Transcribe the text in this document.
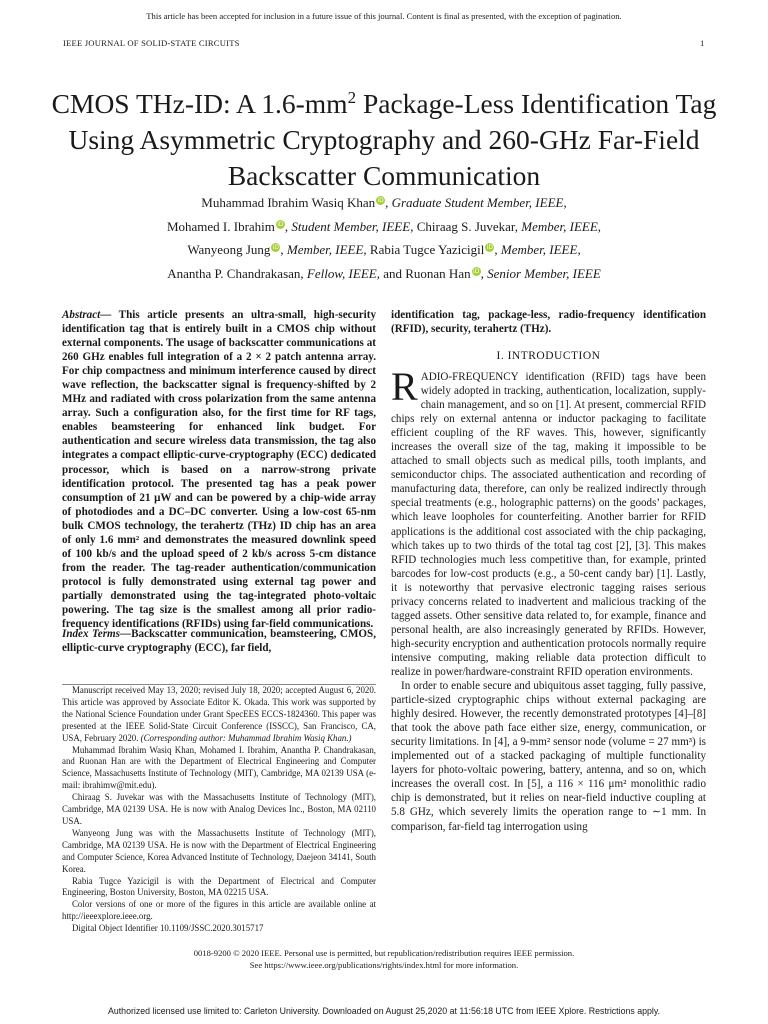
This article has been accepted for inclusion in a future issue of this journal. Content is final as presented, with the exception of pagination.
IEEE JOURNAL OF SOLID-STATE CIRCUITS	1
CMOS THz-ID: A $1.6-mm^2$ Package-Less Identification Tag Using Asymmetric Cryptography and 260-GHz Far-Field Backscatter Communication
Muhammad Ibrahim Wasiq Khan iD, Graduate Student Member, IEEE,
Mohamed I. Ibrahim iD, Student Member, IEEE, Chiraag S. Juvekar, Member, IEEE,
Wanyeong Jung iD, Member, IEEE, Rabia Tugce Yazicigil iD, Member, IEEE,
Anantha P. Chandrakasan, Fellow, IEEE, and Ruonan Han iD, Senior Member, IEEE
Abstract— This article presents an ultra-small, high-security identification tag that is entirely built in a CMOS chip without external components. The usage of backscatter communications at 260 GHz enables full integration of a 2 × 2 patch antenna array. For chip compactness and minimum interference caused by direct wave reflection, the backscatter signal is frequency-shifted by 2 MHz and radiated with cross polarization from the same antenna array. Such a configuration also, for the first time for RF tags, enables beamsteering for enhanced link budget. For authentication and secure wireless data transmission, the tag also integrates a compact elliptic-curve-cryptography (ECC) dedicated processor, which is based on a narrow-strong private identification protocol. The presented tag has a peak power consumption of 21 μW and can be powered by a chip-wide array of photodiodes and a DC–DC converter. Using a low-cost 65-nm bulk CMOS technology, the terahertz (THz) ID chip has an area of only 1.6 mm² and demonstrates the measured downlink speed of 100 kb/s and the upload speed of 2 kb/s across 5-cm distance from the reader. The tag-reader authentication/communication protocol is fully demonstrated using external tag power and partially demonstrated using the tag-integrated photo-voltaic powering. The tag size is the smallest among all prior radio-frequency identifications (RFIDs) using far-field communications.
Index Terms—Backscatter communication, beamsteering, CMOS, elliptic-curve cryptography (ECC), far field,
identification tag, package-less, radio-frequency identification (RFID), security, terahertz (THz).
I. INTRODUCTION

RADIO-FREQUENCY identification (RFID) tags have been widely adopted in tracking, authentication, localization, supply-chain management, and so on [1]. At present, commercial RFID chips rely on external antenna or inductor packaging to facilitate efficient coupling of the RF waves. This, however, significantly increases the overall size of the tag, making it impossible to be attached to small objects such as medical pills, tooth implants, and semiconductor chips. The associated authentication and recording of manufacturing data, therefore, can only be realized indirectly through special treatments (e.g., holographic patterns) on the goods’ packages, which leave loopholes for counterfeiting. Another barrier for RFID applications is the additional cost associated with the chip packaging, which takes up to two thirds of the total tag cost [2], [3]. This makes RFID technologies much less competitive than, for example, printed barcodes for low-cost products (e.g., a 50-cent candy bar) [1]. Lastly, it is noteworthy that pervasive electronic tagging raises serious privacy concerns related to inadvertent and malicious tracking of the tagged assets. Other sensitive data related to, for example, finance and personal health, are also increasingly generated by RFIDs. However, high-security encryption and authentication protocols normally require intensive computing, making reliable data protection difficult to realize in power/hardware-constraint RFID operation environments.

In order to enable secure and ubiquitous asset tagging, fully passive, particle-sized cryptographic chips without external packaging are highly desired. However, the recently demonstrated prototypes [4]–[8] that took the above path face either size, energy, communication, or security limitations. In [4], a 9-mm² sensor node (volume = 27 mm³) is implemented out of a stacked packaging of multiple functionality layers for photo-voltaic powering, battery, antenna, and so on, which increases the overall cost. In [5], a 116 × 116 μm² monolithic radio chip is demonstrated, but it relies on near-field inductive coupling at 5.8 GHz, which severely limits the operation range to ∼1 mm. In comparison, far-field tag interrogation using

Manuscript received May 13, 2020; revised July 18, 2020; accepted August 6, 2020. This article was approved by Associate Editor K. Okada. This work was supported by the National Science Foundation under Grant SpecEES ECCS-1824360. This paper was presented at the IEEE Solid-State Circuit Conference (ISSCC), San Francisco, CA, USA, February 2020. (Corresponding author: Muhammad Ibrahim Wasiq Khan.)

Muhammad Ibrahim Wasiq Khan, Mohamed I. Ibrahim, Anantha P. Chandrakasan, and Ruonan Han are with the Department of Electrical Engineering and Computer Science, Massachusetts Institute of Technology (MIT), Cambridge, MA 02139 USA (e-mail: ibrahimw@mit.edu).

Chiraag S. Juvekar was with the Massachusetts Institute of Technology (MIT), Cambridge, MA 02139 USA. He is now with Analog Devices Inc., Boston, MA 02110 USA.

Wanyeong Jung was with the Massachusetts Institute of Technology (MIT), Cambridge, MA 02139 USA. He is now with the Department of Electrical Engineering and Computer Science, Korea Advanced Institute of Technology, Daejeon 34141, South Korea.

Rabia Tugce Yazicigil is with the Department of Electrical and Computer Engineering, Boston University, Boston, MA 02215 USA.

Color versions of one or more of the figures in this article are available online at http://ieeexplore.ieee.org.

Digital Object Identifier 10.1109/JSSC.2020.3015717

0018-9200 © 2020 IEEE. Personal use is permitted, but republication/redistribution requires IEEE permission.
See https://www.ieee.org/publications/rights/index.html for more information.
Authorized licensed use limited to: Carleton University. Downloaded on August 25,2020 at 11:56:18 UTC from IEEE Xplore. Restrictions apply.
